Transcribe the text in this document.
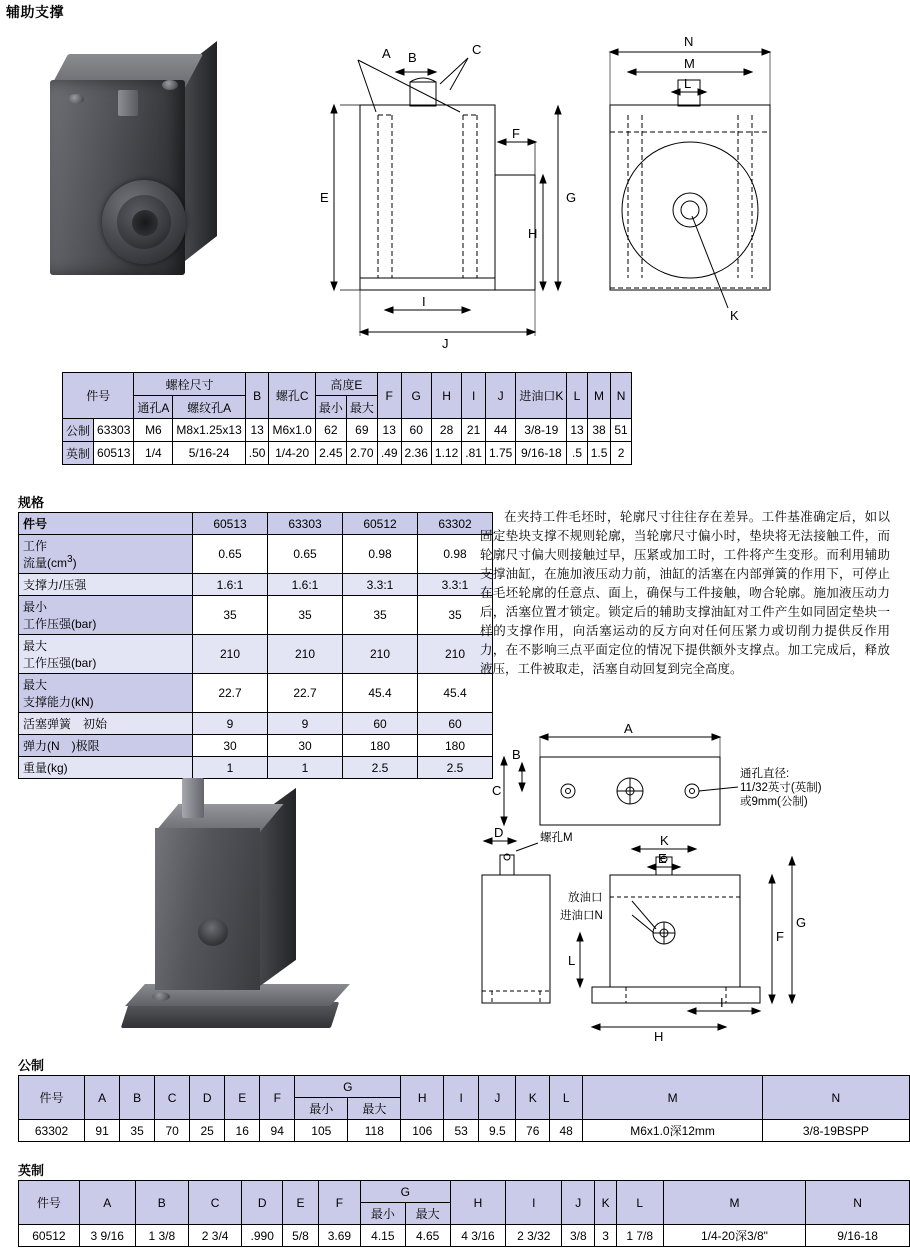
辅助支撑
A B
C
E
F
G
H
I
J
N
M
L
K
件号		螺栓尺寸		B	螺孔C	高度E		F	G	H	I	J	进油口K	L	M	N
		通孔A	螺纹孔A			最小	最大									
公制	63303	M6	M8x1.25x13	13	M6x1.0	62	69	13	60	28	21	44	3/8-19	13	38	51
英制	60513	1/4	5/16-24	.50	1/4-20	2.45	2.70	.49	2.36	1.12	.81	1.75	9/16-18	.5	1.5	2
规格
件号	60513	63303	60512	63302
工作
流量$(cm^3)$	0.65	0.65	0.98	0.98
支撑力/压强	1.6:1	1.6:1	3.3:1	3.3:1
最小
工作压强(bar)	35	35	35	35
最大
工作压强(bar)	210	210	210	210
最大
支撑能力(kN)	22.7	22.7	45.4	45.4
活塞弹簧　初始	9	9	60	60
弹力(N　)极限	30	30	180	180
重量(kg)	1	1	2.5	2.5
在夹持工件毛坯时，轮廓尺寸往往存在差异。工件基准确定后，如以固定垫块支撑不规则轮廓，当轮廓尺寸偏小时，垫块将无法接触工件，而轮廓尺寸偏大则接触过早，压紧或加工时，工件将产生变形。而利用辅助支撑油缸，在施加液压动力前，油缸的活塞在内部弹簧的作用下，可停止在毛坯轮廓的任意点、面上，确保与工件接触，吻合轮廓。施加液压动力后，活塞位置才锁定。锁定后的辅助支撑油缸对工件产生如同固定垫块一样的支撑作用，向活塞运动的反方向对任何压紧力或切削力提供反作用力，在不影响三点平面定位的情况下提供额外支撑点。加工完成后，释放液压，工件被取走，活塞自动回复到完全高度。
A
B
C
D
E
F
G
H
I
K
L
通孔直径:
11/32英寸(英制)
或9mm(公制)
螺孔M
放油口
进油口N
公制
件号	A	B	C	D	E	F	G		H	I	J	K	L	M	N
							最小	最大							
63302	91	35	70	25	16	94	105	118	106	53	9.5	76	48	M6x1.0深12mm	3/8-19BSPP
英制
件号	A	B	C	D	E	F	G		H	I	J	K	L	M	N
							最小	最大							
60512	3 9/16	1 3/8	2 3/4	.990	5/8	3.69	4.15	4.65	4 3/16	2 3/32	3/8	3	1 7/8	1/4-20深3/8"	9/16-18
